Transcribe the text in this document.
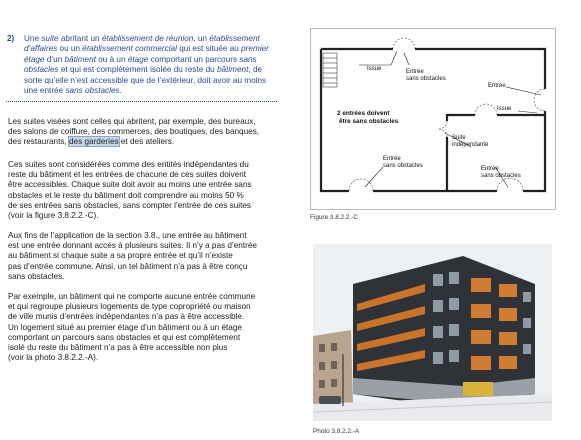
2) Une suite abritant un établissement de réunion, un établissement d’affaires ou un établissement commercial qui est située au premier étage d’un bâtiment ou à un étage comportant un parcours sans obstacles et qui est complètement isolée du reste du bâtiment, de sorte qu’elle n’est accessible que de l’extérieur, doit avoir au moins une entrée sans obstacles.
Les suites visées sont celles qui abritent, par exemple, des bureaux,
des salons de coiffure, des commerces, des boutiques, des banques,
des restaurants, des garderies et des ateliers.
Ces suites sont considérées comme des entités indépendantes du
reste du bâtiment et les entrées de chacune de ces suites doivent
être accessibles. Chaque suite doit avoir au moins une entrée sans
obstacles et le reste du bâtiment doit comprendre au moins 50 %
de ses entrées sans obstacles, sans compter l’entrée de ces suites
(voir la figure 3.8.2.2.-C).
Aux fins de l’application de la section 3.8., une entrée au bâtiment
est une entrée donnant accès à plusieurs suites. Il n’y a pas d’entrée
au bâtiment si chaque suite a sa propre entrée et qu’il n’existe
pas d’entrée commune. Ainsi, un tel bâtiment n’a pas à être conçu
sans obstacles.
Par exemple, un bâtiment qui ne comporte aucune entrée commune
et qui regroupe plusieurs logements de type copropriété ou maison
de ville munis d’entrées indépendantes n’a pas à être accessible.
Un logement situé au premier étage d’un bâtiment ou à un étage
comportant un parcours sans obstacles et qui est complètement
isolé du reste du bâtiment n’a pas à être accessible non plus
(voir la photo 3.8.2.2.-A).
Issue	Entrée
sans obstacles
Entrée
Issue
2 entrées doivent
être sans obstacles
Suite
indépendante
Entrée
sans obstacles	Entrée
sans obstacles
Figure 3.8.2.2.-C
Photo 3.8.2.2.-A
